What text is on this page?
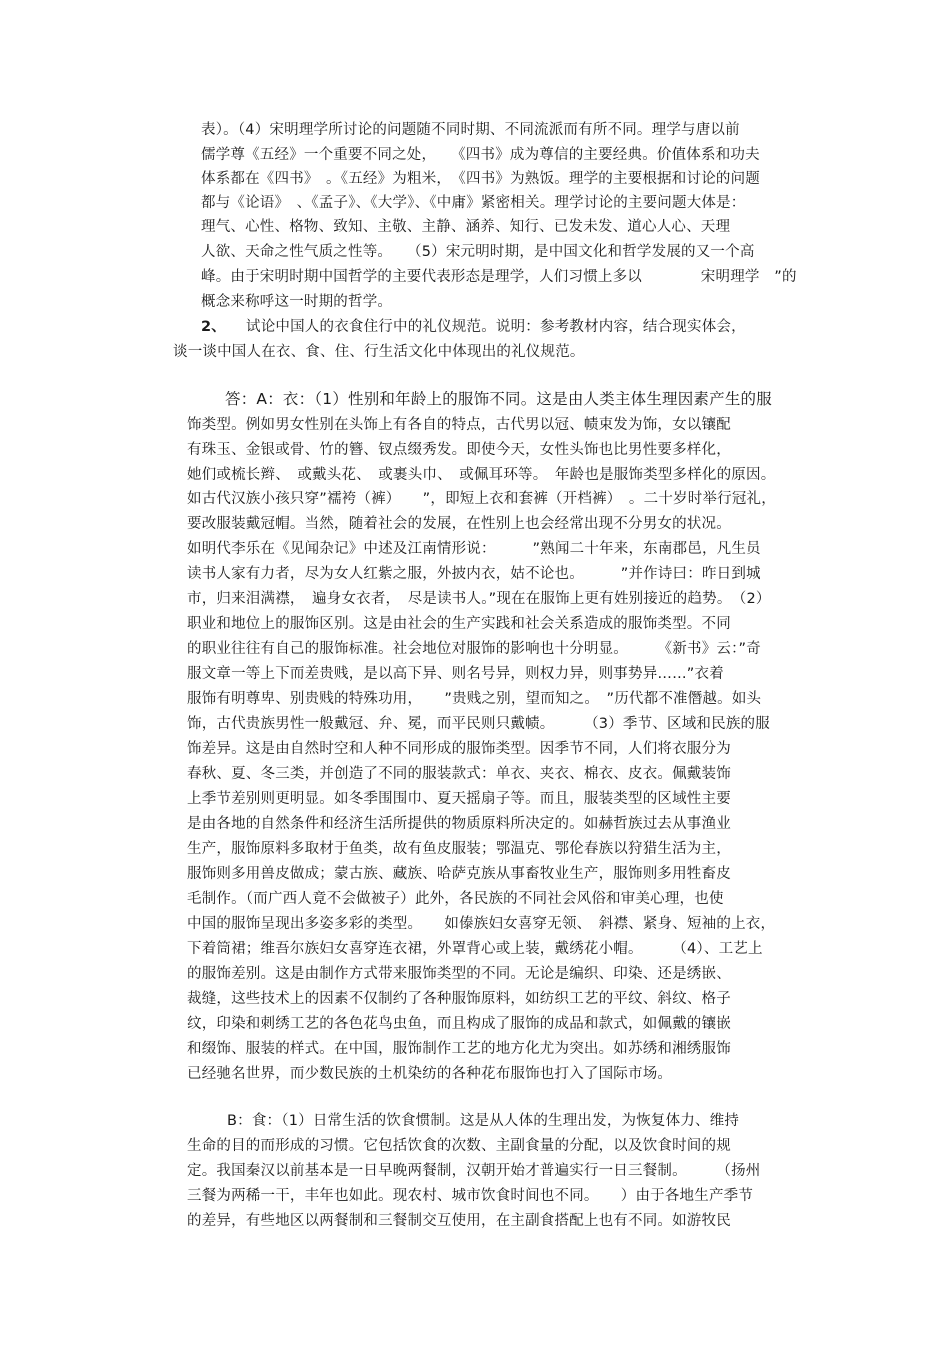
表）。（4）宋明理学所讨论的问题随不同时期、不同流派而有所不同。理学与唐以前
儒学尊《五经》一个重要不同之处，　　《四书》成为尊信的主要经典。价值体系和功夫
体系都在《四书》　。《五经》为粗米，　《四书》为熟饭。理学的主要根据和讨论的问题
都与《论语》　、《孟子》、《大学》、《中庸》紧密相关。理学讨论的主要问题大体是：
理气、心性、格物、致知、主敬、主静、涵养、知行、已发未发、道心人心、天理
人欲、天命之性气质之性等。　　（5）宋元明时期，是中国文化和哲学发展的又一个高
峰。由于宋明时期中国哲学的主要代表形态是理学，人们习惯上多以　　　　宋明理学　”的
概念来称呼这一时期的哲学。
2、 试论中国人的衣食住行中的礼仪规范。说明：参考教材内容，结合现实体会，
谈一谈中国人在衣、食、住、行生活文化中体现出的礼仪规范。
答：A：衣：（1）性别和年龄上的服饰不同。这是由人类主体生理因素产生的服
饰类型。例如男女性别在头饰上有各自的特点，古代男以冠、帻束发为饰，女以镶配
有珠玉、金银或骨、竹的簪、钗点缀秀发。即使今天，女性头饰也比男性要多样化，
她们或梳长辫、　或戴头花、　或裹头巾、　或佩耳环等。　年龄也是服饰类型多样化的原因。
如古代汉族小孩只穿”襦袴（裤）　　”，即短上衣和套裤（开档裤）　。二十岁时举行冠礼，
要改服装戴冠帽。当然，随着社会的发展，在性别上也会经常出现不分男女的状况。
如明代李乐在《见闻杂记》中述及江南情形说：　　　”熟闻二十年来，东南郡邑，凡生员
读书人家有力者，尽为女人红紫之服，外披内衣，姑不论也。　　　”并作诗曰：昨日到城
市，归来泪满襟，　遍身女衣者，　尽是读书人。”现在在服饰上更有姓别接近的趋势。　（2）
职业和地位上的服饰区别。这是由社会的生产实践和社会关系造成的服饰类型。不同
的职业往往有自己的服饰标准。社会地位对服饰的影响也十分明显。　　　《新书》云：”奇
服文章一等上下而差贵贱，是以高下异、则名号异，则权力异，则事势异……”衣着
服饰有明尊卑、别贵贱的特殊功用，　　”贵贱之别，望而知之。　”历代都不准僭越。如头
饰，古代贵族男性一般戴冠、弁、冕，而平民则只戴帻。　　　（3）季节、区域和民族的服
饰差异。这是由自然时空和人种不同形成的服饰类型。因季节不同，人们将衣服分为
春秋、夏、冬三类，并创造了不同的服装款式：单衣、夹衣、棉衣、皮衣。佩戴装饰
上季节差别则更明显。如冬季围围巾、夏天摇扇子等。而且，服装类型的区域性主要
是由各地的自然条件和经济生活所提供的物质原料所决定的。如赫哲族过去从事渔业
生产，服饰原料多取材于鱼类，故有鱼皮服装；鄂温克、鄂伦春族以狩猎生活为主，
服饰则多用兽皮做成；蒙古族、藏族、哈萨克族从事畜牧业生产，服饰则多用牲畜皮
毛制作。（而广西人竟不会做被子）此外，各民族的不同社会风俗和审美心理，也使
中国的服饰呈现出多姿多彩的类型。　　如傣族妇女喜穿无领、　斜襟、紧身、短袖的上衣，
下着筒裙；维吾尔族妇女喜穿连衣裙，外罩背心或上装，戴绣花小帽。　　　（4）、工艺上
的服饰差别。这是由制作方式带来服饰类型的不同。无论是编织、印染、还是绣嵌、
裁缝，这些技术上的因素不仅制约了各种服饰原料，如纺织工艺的平纹、斜纹、格子
纹，印染和刺绣工艺的各色花鸟虫鱼，而且构成了服饰的成品和款式，如佩戴的镶嵌
和缀饰、服装的样式。在中国，服饰制作工艺的地方化尤为突出。如苏绣和湘绣服饰
已经驰名世界，而少数民族的土机染纺的各种花布服饰也打入了国际市场。
B：食：（1）日常生活的饮食惯制。这是从人体的生理出发，为恢复体力、维持
生命的目的而形成的习惯。它包括饮食的次数、主副食量的分配，以及饮食时间的规
定。我国秦汉以前基本是一日早晚两餐制，汉朝开始才普遍实行一日三餐制。　　　（扬州
三餐为两稀一干，丰年也如此。现农村、城市饮食时间也不同。　　）由于各地生产季节
的差异，有些地区以两餐制和三餐制交互使用，在主副食搭配上也有不同。如游牧民
